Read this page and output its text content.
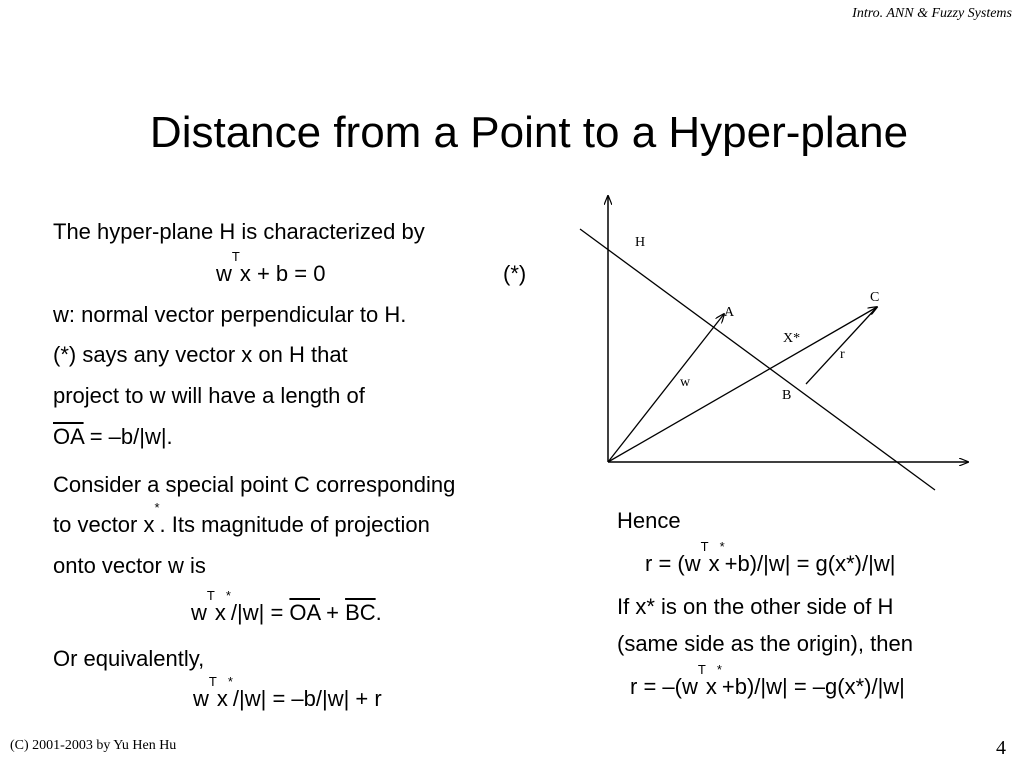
Intro. ANN & Fuzzy Systems
Distance from a Point to a Hyper-plane
The hyper-plane H is characterized by
$w^Tx + b = 0$	(*)
w: normal vector perpendicular to H.
(*) says any vector x on H that
project to w will have a length of
$\overline{OA} = -b/|w|$.
Consider a special point C corresponding
to vector x*. Its magnitude of projection
onto vector w is
$w^Tx^*/|w| = \overline{OA} + \overline{BC}$.
Or equivalently,
$w^Tx^*/|w| = -b/|w| + r$
Hence
$r = (w^Tx^*+b)/|w| = g(x*)/|w|$
If x* is on the other side of H
(same side as the origin), then
$r = -(w^Tx^*+b)/|w| = -g(x*)/|w|$
H
A
C
X*
r
w
B
(C) 2001-2003 by Yu Hen Hu	4
